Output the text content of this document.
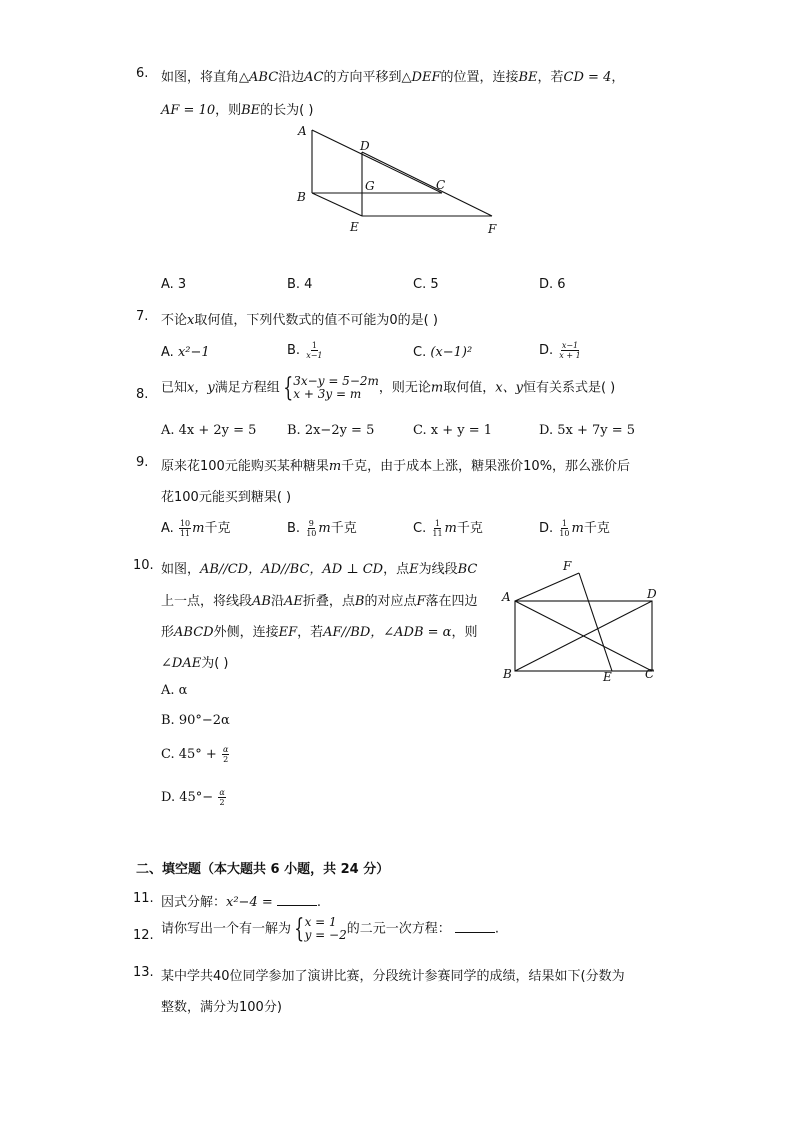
6. 如图，将直角△ABC沿边AC的方向平移到△DEF的位置，连接BE，若CD = 4，
AF = 10，则BE的长为( )
A
D
B
G	C
E	F
A. 3	B. 4	C. 5	D. 6
7. 不论x取何值，下列代数式的值不可能为0的是( )
A. x²−1	B. $\frac{1}{x-1}$	C. (x−1)²	D. $\frac{x-1}{x + 1}$
8. 已知x，y满足方程组 { 3x−y = 5−2m
x + 3y = m	，则无论m取何值，x、y恒有关系式是( )
A. 4x + 2y = 5 B. 2x−2y = 5	C. x + y = 1	D. 5x + 7y = 5
9. 原来花100元能购买某种糖果m千克，由于成本上涨，糖果涨价10%，那么涨价后
花100元能买到糖果( )
A. $\frac{10}{11}$ m千克	B. $\frac{9}{10}$ m千克	C. $\frac{1}{11}$ m千克	D. $\frac{1}{10}$ m千克
10. 如图，AB//CD，AD//BC，AD ⊥ CD，点E为线段BC
上一点，将线段AB沿AE折叠，点B的对应点F落在四边
形ABCD外侧，连接EF，若AF//BD，∠ADB = α，则
∠DAE为( )
F
A	D
B	E	C
A. α
B. 90°−2α
C. $45^\circ + \frac{\alpha}{2}$
D. $45^\circ- \frac{\alpha}{2}$
二、填空题（本大题共 6 小题，共 24 分）
11. 因式分解：x²−4 =	.
12. 请你写出一个有一解为 { x = 1
y = −2 的二元一次方程：	.
13. 某中学共40位同学参加了演讲比赛，分段统计参赛同学的成绩，结果如下(分数为
整数，满分为100分)
